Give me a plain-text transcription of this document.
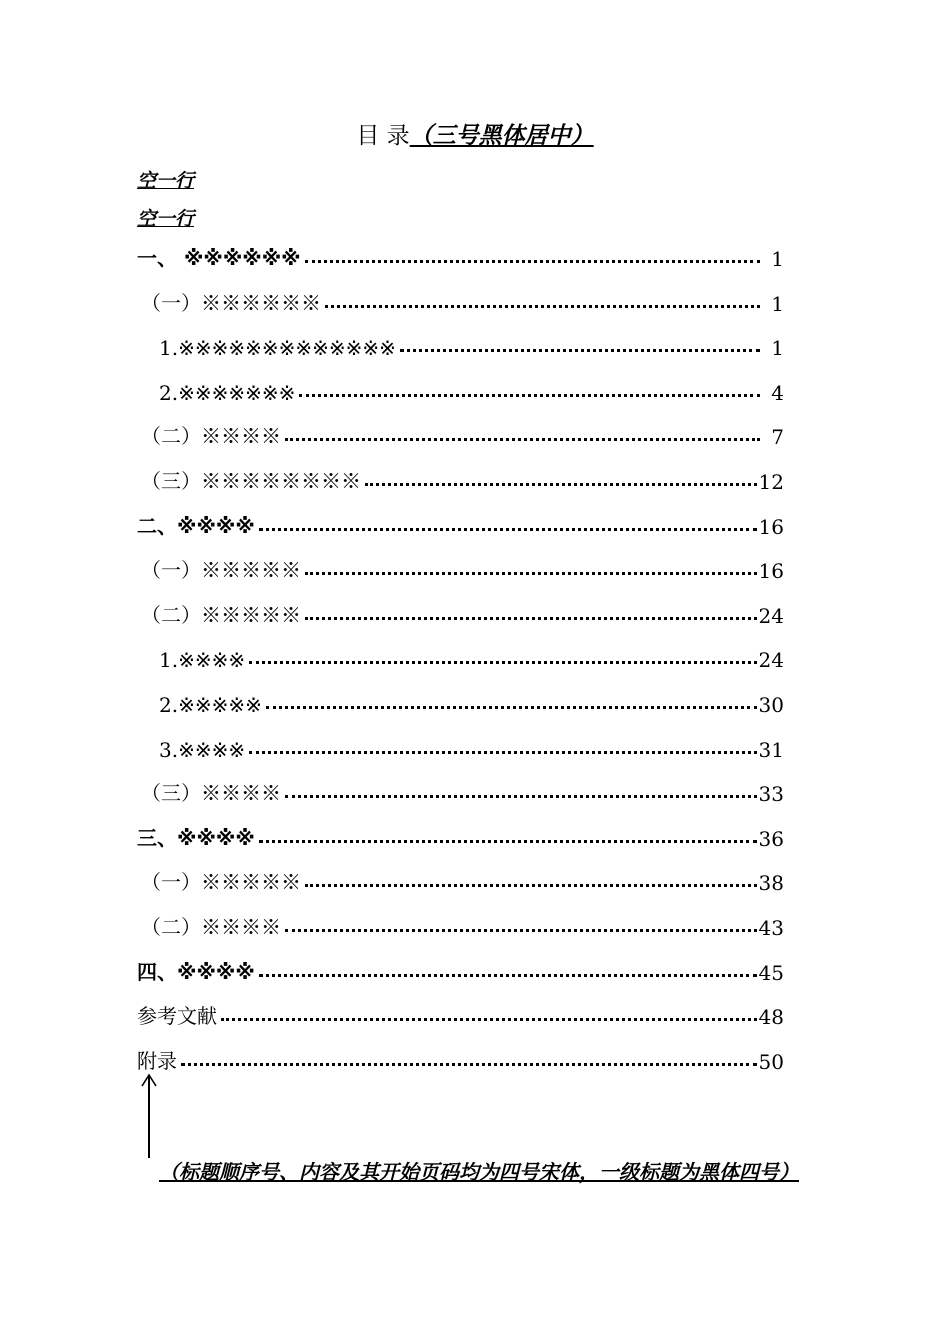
目 录（三号黑体居中）
空一行
空一行
一、 ※※※※※※	1
（一）※※※※※※	1
1.※※※※※※※※※※※※※	1
2.※※※※※※※	4
（二）※※※※	7
（三）※※※※※※※※	12
二、※※※※	16
（一）※※※※※	16
（二）※※※※※	24
1.※※※※	24
2.※※※※※	30
3.※※※※	31
（三）※※※※	33
三、※※※※	36
（一）※※※※※	38
（二）※※※※	43
四、※※※※	45
参考文献	48
附录	50
（标题顺序号、内容及其开始页码均为四号宋体，一级标题为黑体四号）
